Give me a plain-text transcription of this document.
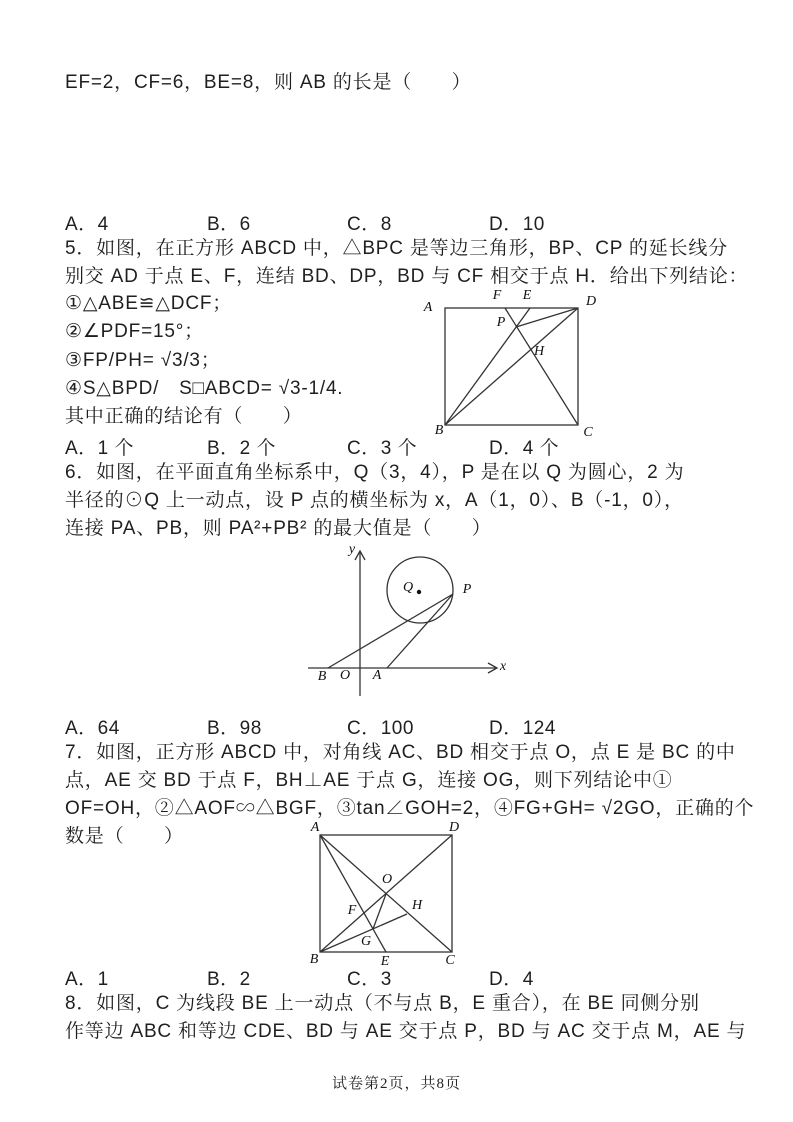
EF=2，CF=6，BE=8，则 AB 的长是（　　）
A．4	B．6	C．8	D．10
5．如图，在正方形 ABCD 中，△BPC 是等边三角形，BP、CP 的延长线分
别交 AD 于点 E、F，连结 BD、DP，BD 与 CF 相交于点 H．给出下列结论：
①△ABE≌△DCF；
②∠PDF=15°；
③FP/PH= √3/3；
④S△BPD/　S□ABCD= √3-1/4.
其中正确的结论有（　　）
A．1 个	B．2 个	C．3 个	D．4 个
A	D
B	C
F E
P
H
6．如图，在平面直角坐标系中，Q（3，4），P 是在以 Q 为圆心，2 为
半径的⊙Q 上一动点，设 P 点的横坐标为 x，A（1，0）、B（-1，0），
连接 PA、PB，则 PA²+PB² 的最大值是（　　）
y
x
B O A
Q	P
A．64	B．98	C．100	D．124
7．如图，正方形 ABCD 中，对角线 AC、BD 相交于点 O，点 E 是 BC 的中
点，AE 交 BD 于点 F，BH⊥AE 于点 G，连接 OG，则下列结论中①
OF=OH，②△AOF∽△BGF，③tan∠GOH=2，④FG+GH= √2GO，正确的个
数是（　　）	A	D
B	C
O
E
F
G
H
A．1	B．2	C．3	D．4
8．如图，C 为线段 BE 上一动点（不与点 B，E 重合），在 BE 同侧分别
作等边 ABC 和等边 CDE、BD 与 AE 交于点 P，BD 与 AC 交于点 M，AE 与
试卷第2页，共8页
